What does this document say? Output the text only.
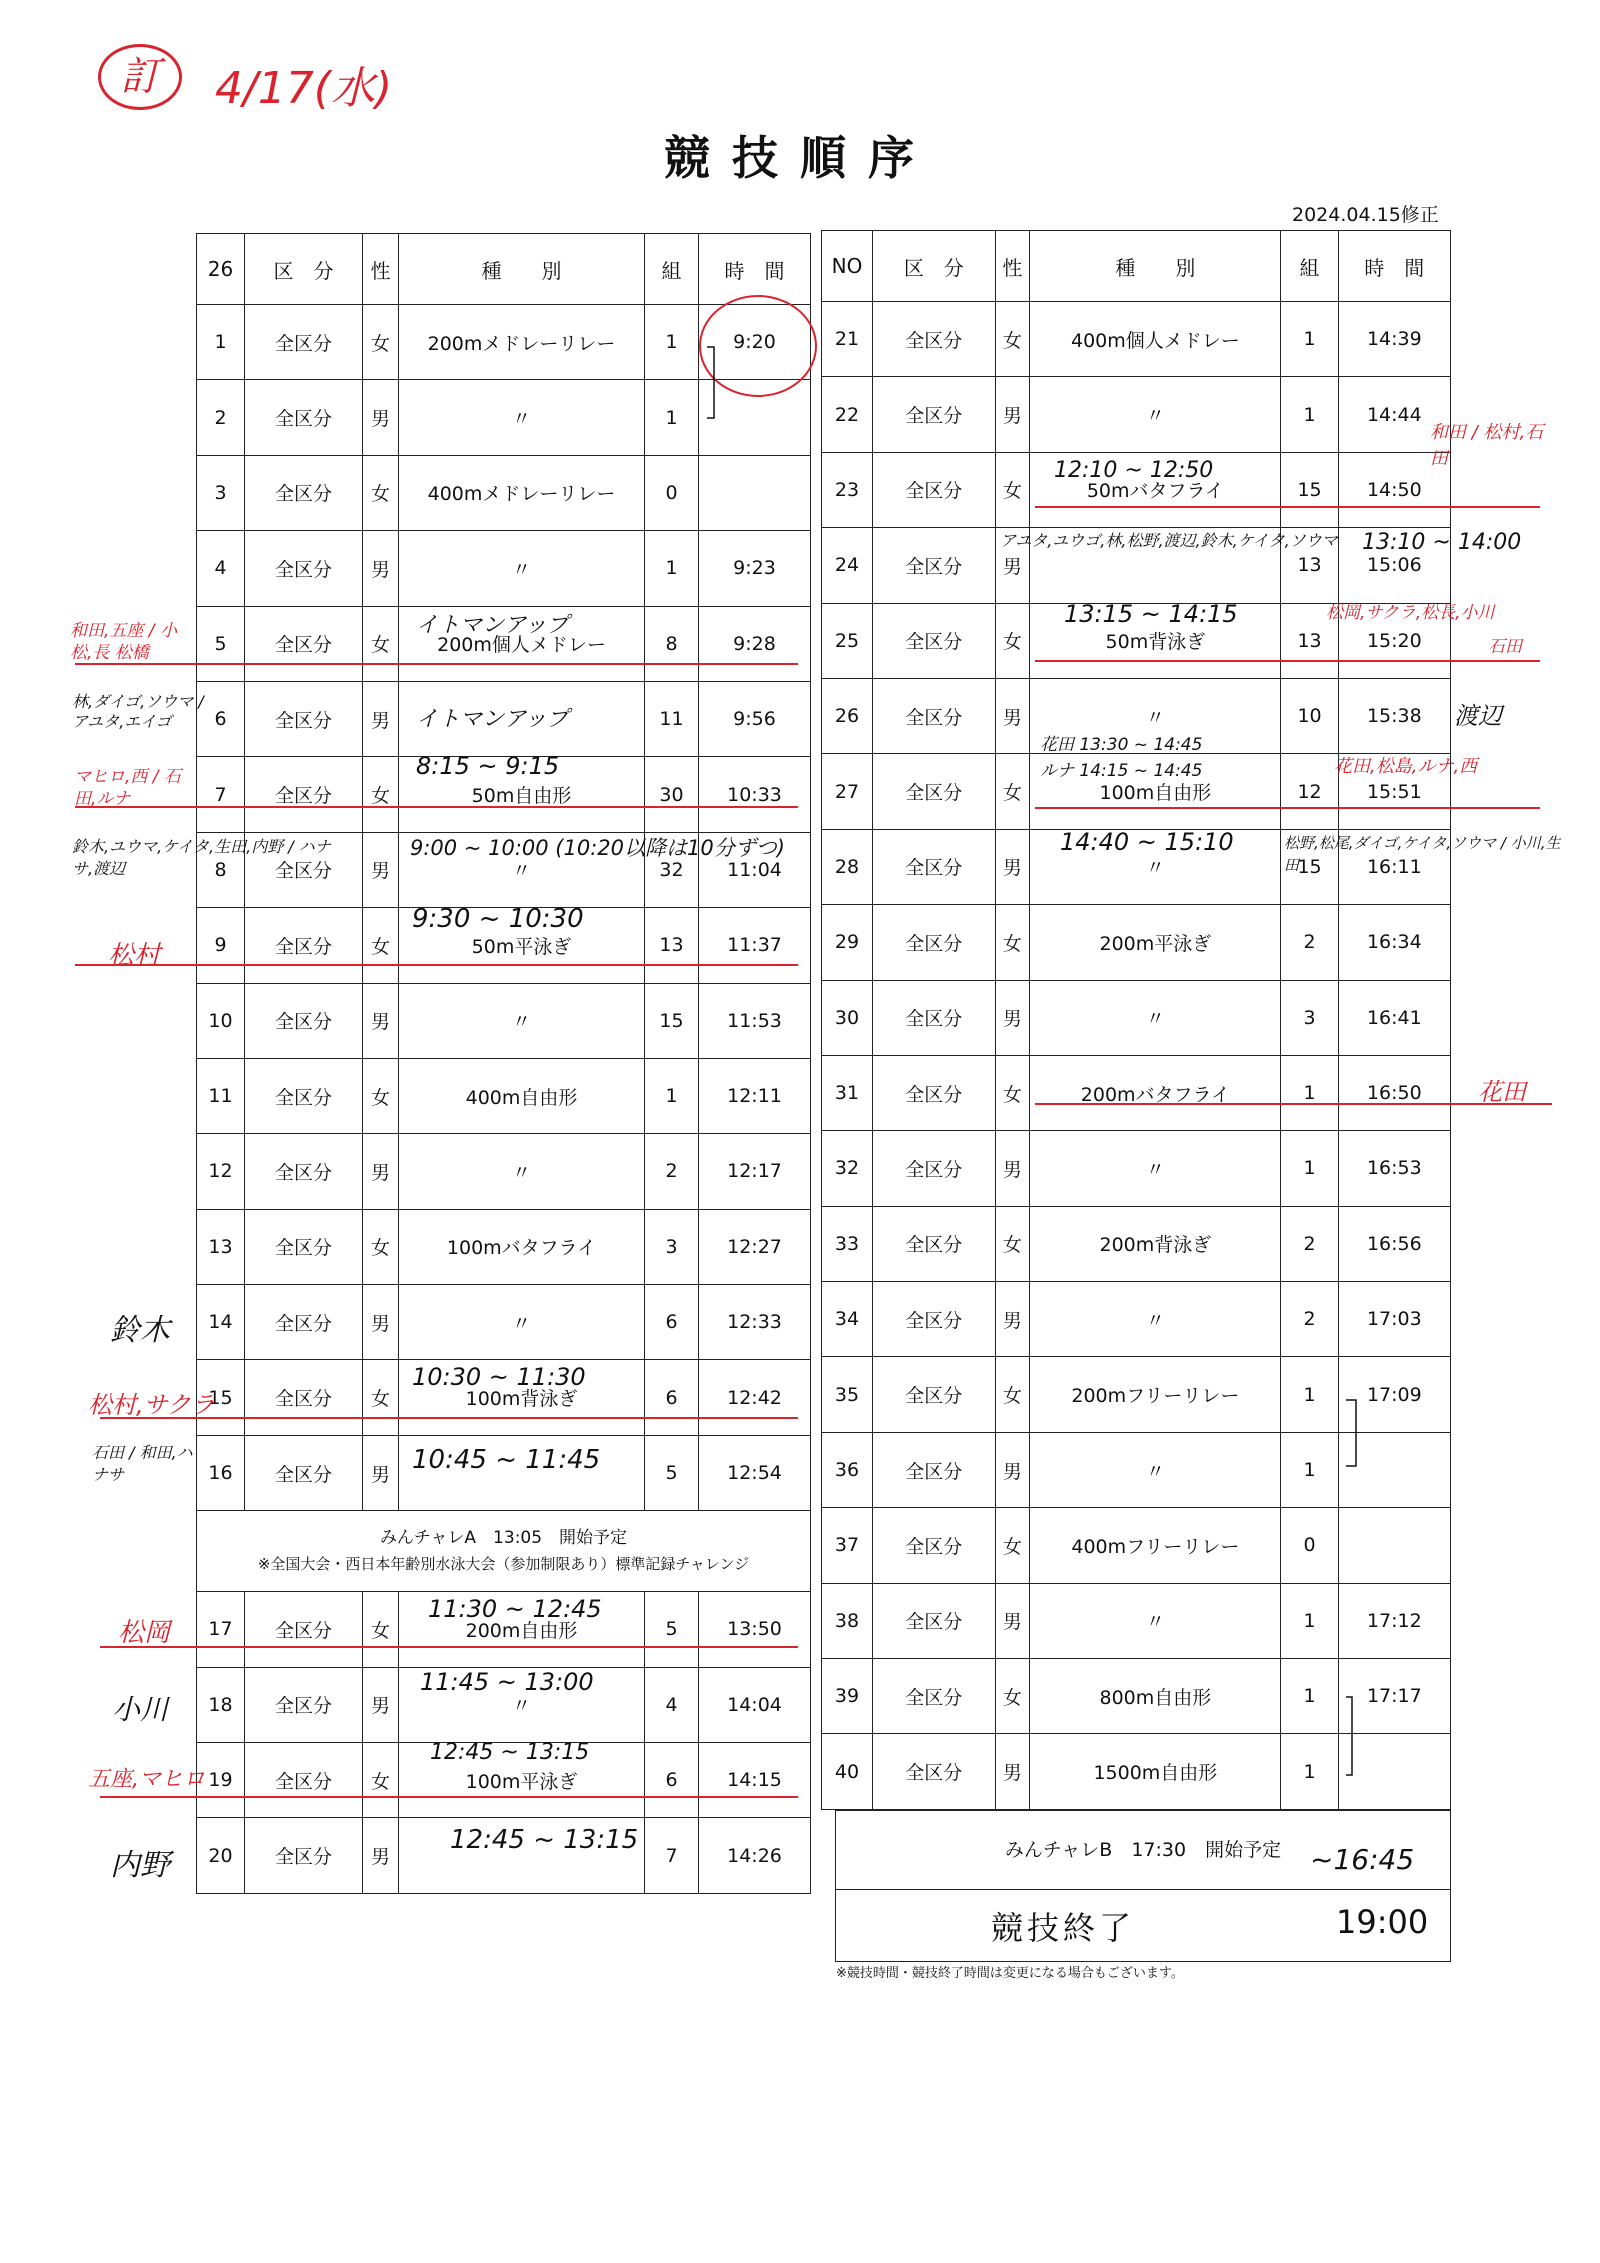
競技順序
2024.04.15修正
訂	4/17(水)
26	区　分	性	種　　別	組	時　間
1	全区分	女	200mメドレーリレー	1	9:20
2	全区分	男	〃	1	
3	全区分	女	400mメドレーリレー	0	
4	全区分	男	〃	1	9:23
5	全区分	女	200m個人メドレー	8	9:28
6	全区分	男		11	9:56
7	全区分	女	50m自由形	30	10:33
8	全区分	男	〃	32	11:04
9	全区分	女	50m平泳ぎ	13	11:37
10	全区分	男	〃	15	11:53
11	全区分	女	400m自由形	1	12:11
12	全区分	男	〃	2	12:17
13	全区分	女	100mバタフライ	3	12:27
14	全区分	男	〃	6	12:33
15	全区分	女	100m背泳ぎ	6	12:42
16	全区分	男		5	12:54

みんチャレA　13:05　開始予定
※全国大会・西日本年齢別水泳大会（参加制限あり）標準記録チャレンジ					

17	全区分	女	200m自由形	5	13:50
18	全区分	男	〃	4	14:04
19	全区分	女	100m平泳ぎ	6	14:15
20	全区分	男		7	14:26
NO	区　分	性	種　　別	組	時　間
21	全区分	女	400m個人メドレー	1	14:39
22	全区分	男	〃	1	14:44
23	全区分	女	50mバタフライ	15	14:50
24	全区分	男		13	15:06
25	全区分	女	50m背泳ぎ	13	15:20
26	全区分	男	〃	10	15:38
27	全区分	女	100m自由形	12	15:51
28	全区分	男	〃	15	16:11
29	全区分	女	200m平泳ぎ	2	16:34
30	全区分	男	〃	3	16:41
31	全区分	女	200mバタフライ	1	16:50
32	全区分	男	〃	1	16:53
33	全区分	女	200m背泳ぎ	2	16:56
34	全区分	男	〃	2	17:03
35	全区分	女	200mフリーリレー	1	17:09
36	全区分	男	〃	1	
37	全区分	女	400mフリーリレー	0	
38	全区分	男	〃	1	17:12
39	全区分	女	800m自由形	1	17:17
40	全区分	男	1500m自由形	1	
みんチャレB　17:30　開始予定
競技終了	19:00
~16:45
※競技時間・競技終了時間は変更になる場合もございます。
和田,五座 / 小松,長 松橋
林,ダイゴ,ソウマ / アユタ,エイゴ
マヒロ,西 / 石田,ルナ
鈴木,ユウマ,ケイタ,生田,内野 / ハナサ,渡辺
松村
鈴木
松村,サクラ
石田 / 和田,ハナサ
松岡
小川
五座,マヒロ
内野
イトマンアップ
イトマンアップ
8:15 ~ 9:15
9:00 ~ 10:00 (10:20以降は10分ずつ)
9:30 ~ 10:30
10:30 ~ 11:30
10:45 ~ 11:45
11:30 ~ 12:45
11:45 ~ 13:00
12:45 ~ 13:15
12:45 ~ 13:15
12:10 ~ 12:50
和田 / 松村,石田
アユタ,ユウゴ,林,松野,渡辺,鈴木,ケイタ,ソウマ 13:10 ~ 14:00
13:15 ~ 14:15	松岡,サクラ,松長,小川
石田
渡辺
花田 13:30 ~ 14:45
ルナ 14:15 ~ 14:45	花田,松島,ルナ,西
14:40 ~ 15:10	松野,松尾,ダイゴ,ケイタ,ソウマ / 小川,生田
花田
